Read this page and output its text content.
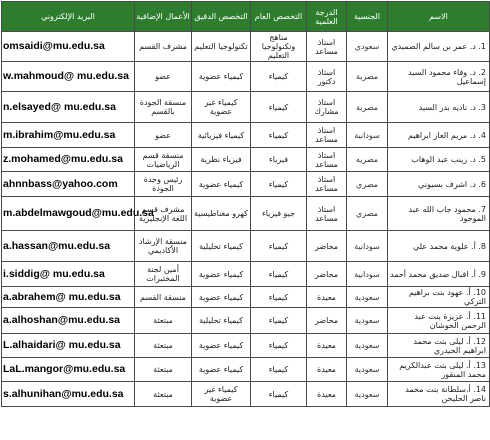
البريد الإلكتروني	الأعمال الإضافية	التخصص الدقيق	التخصص العام	الدرجة العلمية	الجنسية	الاسم
omsaidi@mu.edu.sa	مشرف القسم	تكنولوجيا التعليم	مناهج وتكنولوجيا التعليم	استاذ مساعد	سعودي	1. د. عمر بن سالم الصميدي
w.mahmoud@ mu.edu.sa	عضو	كيمياء عضوية	كيمياء	استاذ دكتور	مصرية	2. د. وفاء محمود السيد إسماعيل
n.elsayed@ mu.edu.sa	منسقة الجودة بالقسم	كيمياء غير عضوية	كيمياء	استاذ مشارك	مصرية	3. د. ناديه بدر السيد
m.ibrahim@mu.edu.sa	عضو	كيمياء فيزيائية	كيمياء	استاذ مساعد	سودانية	4. د. مريم العاز ابراهيم
z.mohamed@mu.edu.sa	منسقة قسم الرياضيات	فيزياء نظرية	فيزياء	استاذ مساعد	مصريه	5. د. زينب عبد الوهاب
ahnnbass@yahoo.com	رئيس وحدة الجودة	كيمياء عضوية	كيمياء	استاذ مساعد	مصري	6. د. اشرف بسيوني
m.abdelmawgoud@mu.edu.sa	مشرف قسم اللغة الإنجليزية	كهرو مغناطيسية	جيو فيزياء	استاذ مساعد	مصري	7. محمود جاب الله عبد الموجود
a.hassan@mu.edu.sa	منسقة الإرشاد الأكاديمي	كيمياء تحليلية	كيمياء	محاضر	سودانية	8. أ. علوية محمد علي
i.siddig@ mu.edu.sa	أمين لجنة المختبرات	كيمياء عضوية	كيمياء	محاضر	سودانية	9. أ. اقبال صديق محمد أحمد
a.abrahem@ mu.edu.sa	منسقة القسم	كيمياء عضوية	كيمياء	معيدة	سعودية	10. أ. عهود بنت براهيم التركي
a.alhoshan@mu.edu.sa	مبتعثة	كيمياء تحليلية	كيمياء	محاضر	سعودية	11. أ. عزيزة بنت عبد الرحمن الحوشان
L.alhaidari@ mu.edu.sa	مبتعثة	كيمياء عضوية	كيمياء	معيدة	سعودية	12. أ. ليلى بنت محمد ابراهيم الحيدري
LaL.mangor@mu.edu.sa	مبتعثة	كيمياء عضوية	كيمياء	معيدة	سعودية	13. أ. ليلى بنت عبدالكريم محمد المنقور
s.alhunihan@mu.edu.sa	مبتعثة	كيمياء غير عضوية	كيمياء	معيدة	سعودية	14. أ.سلطانة بنت محمد ناصر الحليحن
